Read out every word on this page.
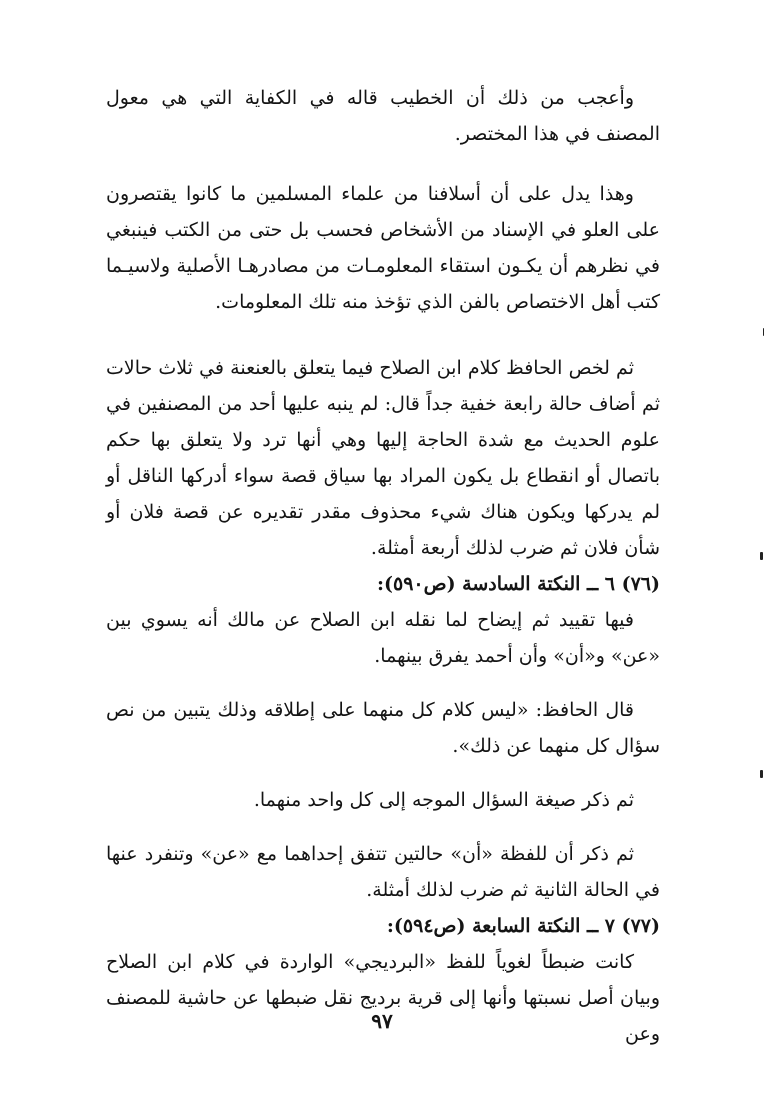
وأعجب من ذلك أن الخطيب قاله في الكفاية التي هي معول المصنف في هذا المختصر.

وهذا يدل على أن أسلافنا من علماء المسلمين ما كانوا يقتصرون على العلو في الإسناد من الأشخاص فحسب بل حتى من الكتب فينبغي في نظرهم أن يكـون استقاء المعلومـات من مصادرهـا الأصلية ولاسيـما كتب أهل الاختصاص بالفن الذي تؤخذ منه تلك المعلومات.

ثم لخص الحافظ كلام ابن الصلاح فيما يتعلق بالعنعنة في ثلاث حالات ثم أضاف حالة رابعة خفية جداً قال: لم ينبه عليها أحد من المصنفين في علوم الحديث مع شدة الحاجة إليها وهي أنها ترد ولا يتعلق بها حكم باتصال أو انقطاع بل يكون المراد بها سياق قصة سواء أدركها الناقل أو لم يدركها ويكون هناك شيء محذوف مقدر تقديره عن قصة فلان أو شأن فلان ثم ضرب لذلك أربعة أمثلة.

(٧٦) ٦ ــ النكتة السادسة (ص٥٩٠):

فيها تقييد ثم إيضاح لما نقله ابن الصلاح عن مالك أنه يسوي بين «عن» و«أن» وأن أحمد يفرق بينهما.

قال الحافظ: «ليس كلام كل منهما على إطلاقه وذلك يتبين من نص سؤال كل منهما عن ذلك».

ثم ذكر صيغة السؤال الموجه إلى كل واحد منهما.

ثم ذكر أن للفظة «أن» حالتين تتفق إحداهما مع «عن» وتنفرد عنها في الحالة الثانية ثم ضرب لذلك أمثلة.

(٧٧) ٧ ــ النكتة السابعة (ص٥٩٤):

كانت ضبطاً لغوياً للفظ «البرديجي» الواردة في كلام ابن الصلاح وبيان أصل نسبتها وأنها إلى قرية برديج نقل ضبطها عن حاشية للمصنف وعن

٩٧
